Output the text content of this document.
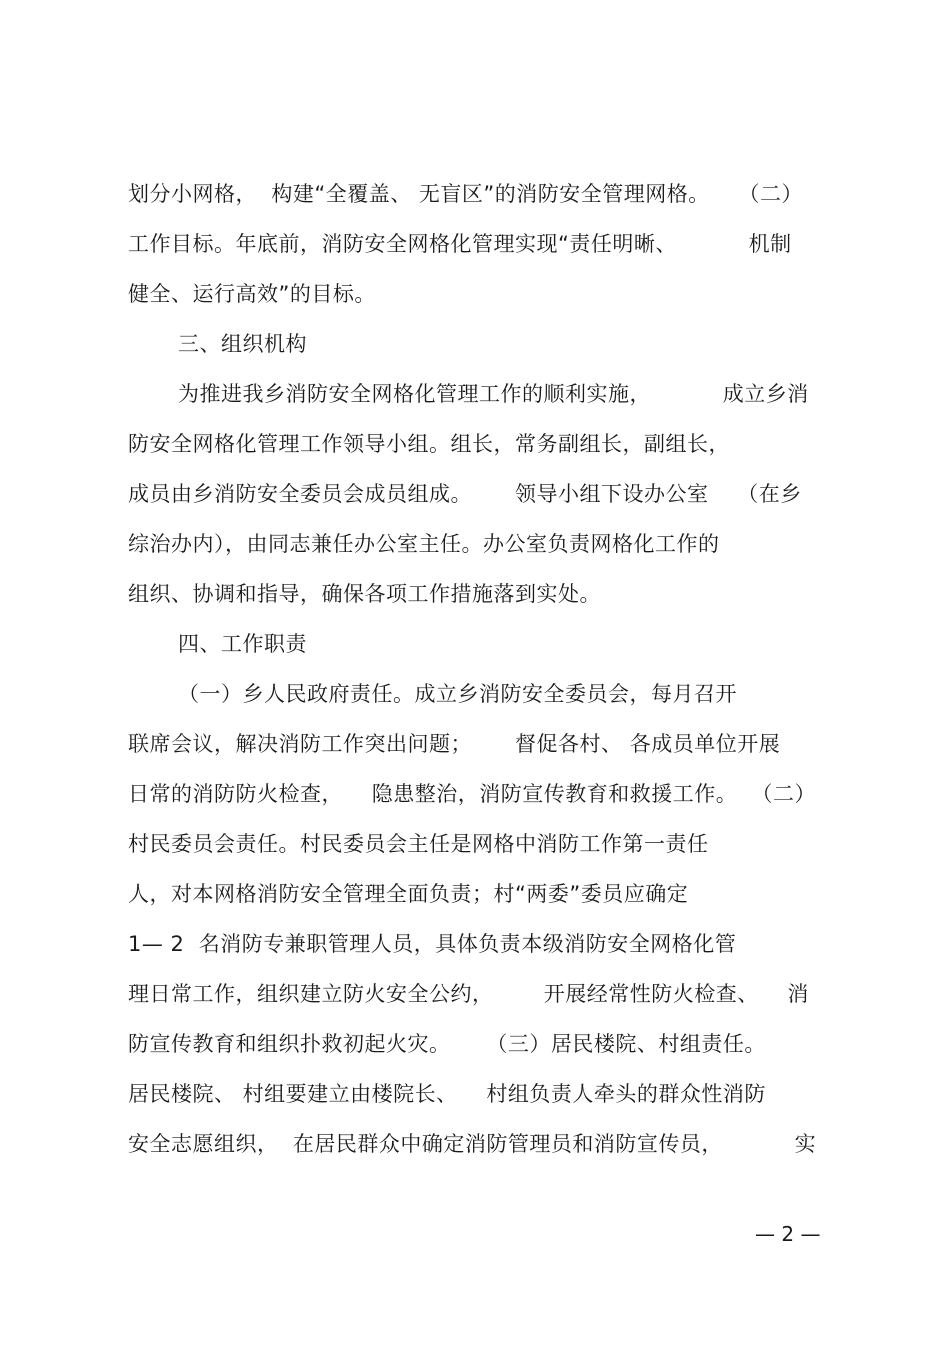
划分小网格，  构建“全覆盖、 无盲区”的消防安全管理网格。    （二）
工作目标。年底前，消防安全网格化管理实现“责任明晰、          机制
健全、运行高效”的目标。
三、组织机构
为推进我乡消防安全网格化管理工作的顺利实施，          成立乡消
防安全网格化管理工作领导小组。组长，常务副组长，副组长，
成员由乡消防安全委员会成员组成。      领导小组下设办公室    （在乡
综治办内），由同志兼任办公室主任。办公室负责网格化工作的
组织、协调和指导，确保各项工作措施落到实处。
四、工作职责
（一）乡人民政府责任。成立乡消防安全委员会，每月召开
联席会议，解决消防工作突出问题；      督促各村、 各成员单位开展
日常的消防防火检查，    隐患整治，消防宣传教育和救援工作。  （二）
村民委员会责任。村民委员会主任是网格中消防工作第一责任
人，对本网格消防安全管理全面负责；村“两委”委员应确定
1— 2  名消防专兼职管理人员，具体负责本级消防安全网格化管
理日常工作，组织建立防火安全公约，       开展经常性防火检查、    消
防宣传教育和组织扑救初起火灾。     （三）居民楼院、村组责任。
居民楼院、 村组要建立由楼院长、    村组负责人牵头的群众性消防
安全志愿组织，  在居民群众中确定消防管理员和消防宣传员，          实
— 2 —
